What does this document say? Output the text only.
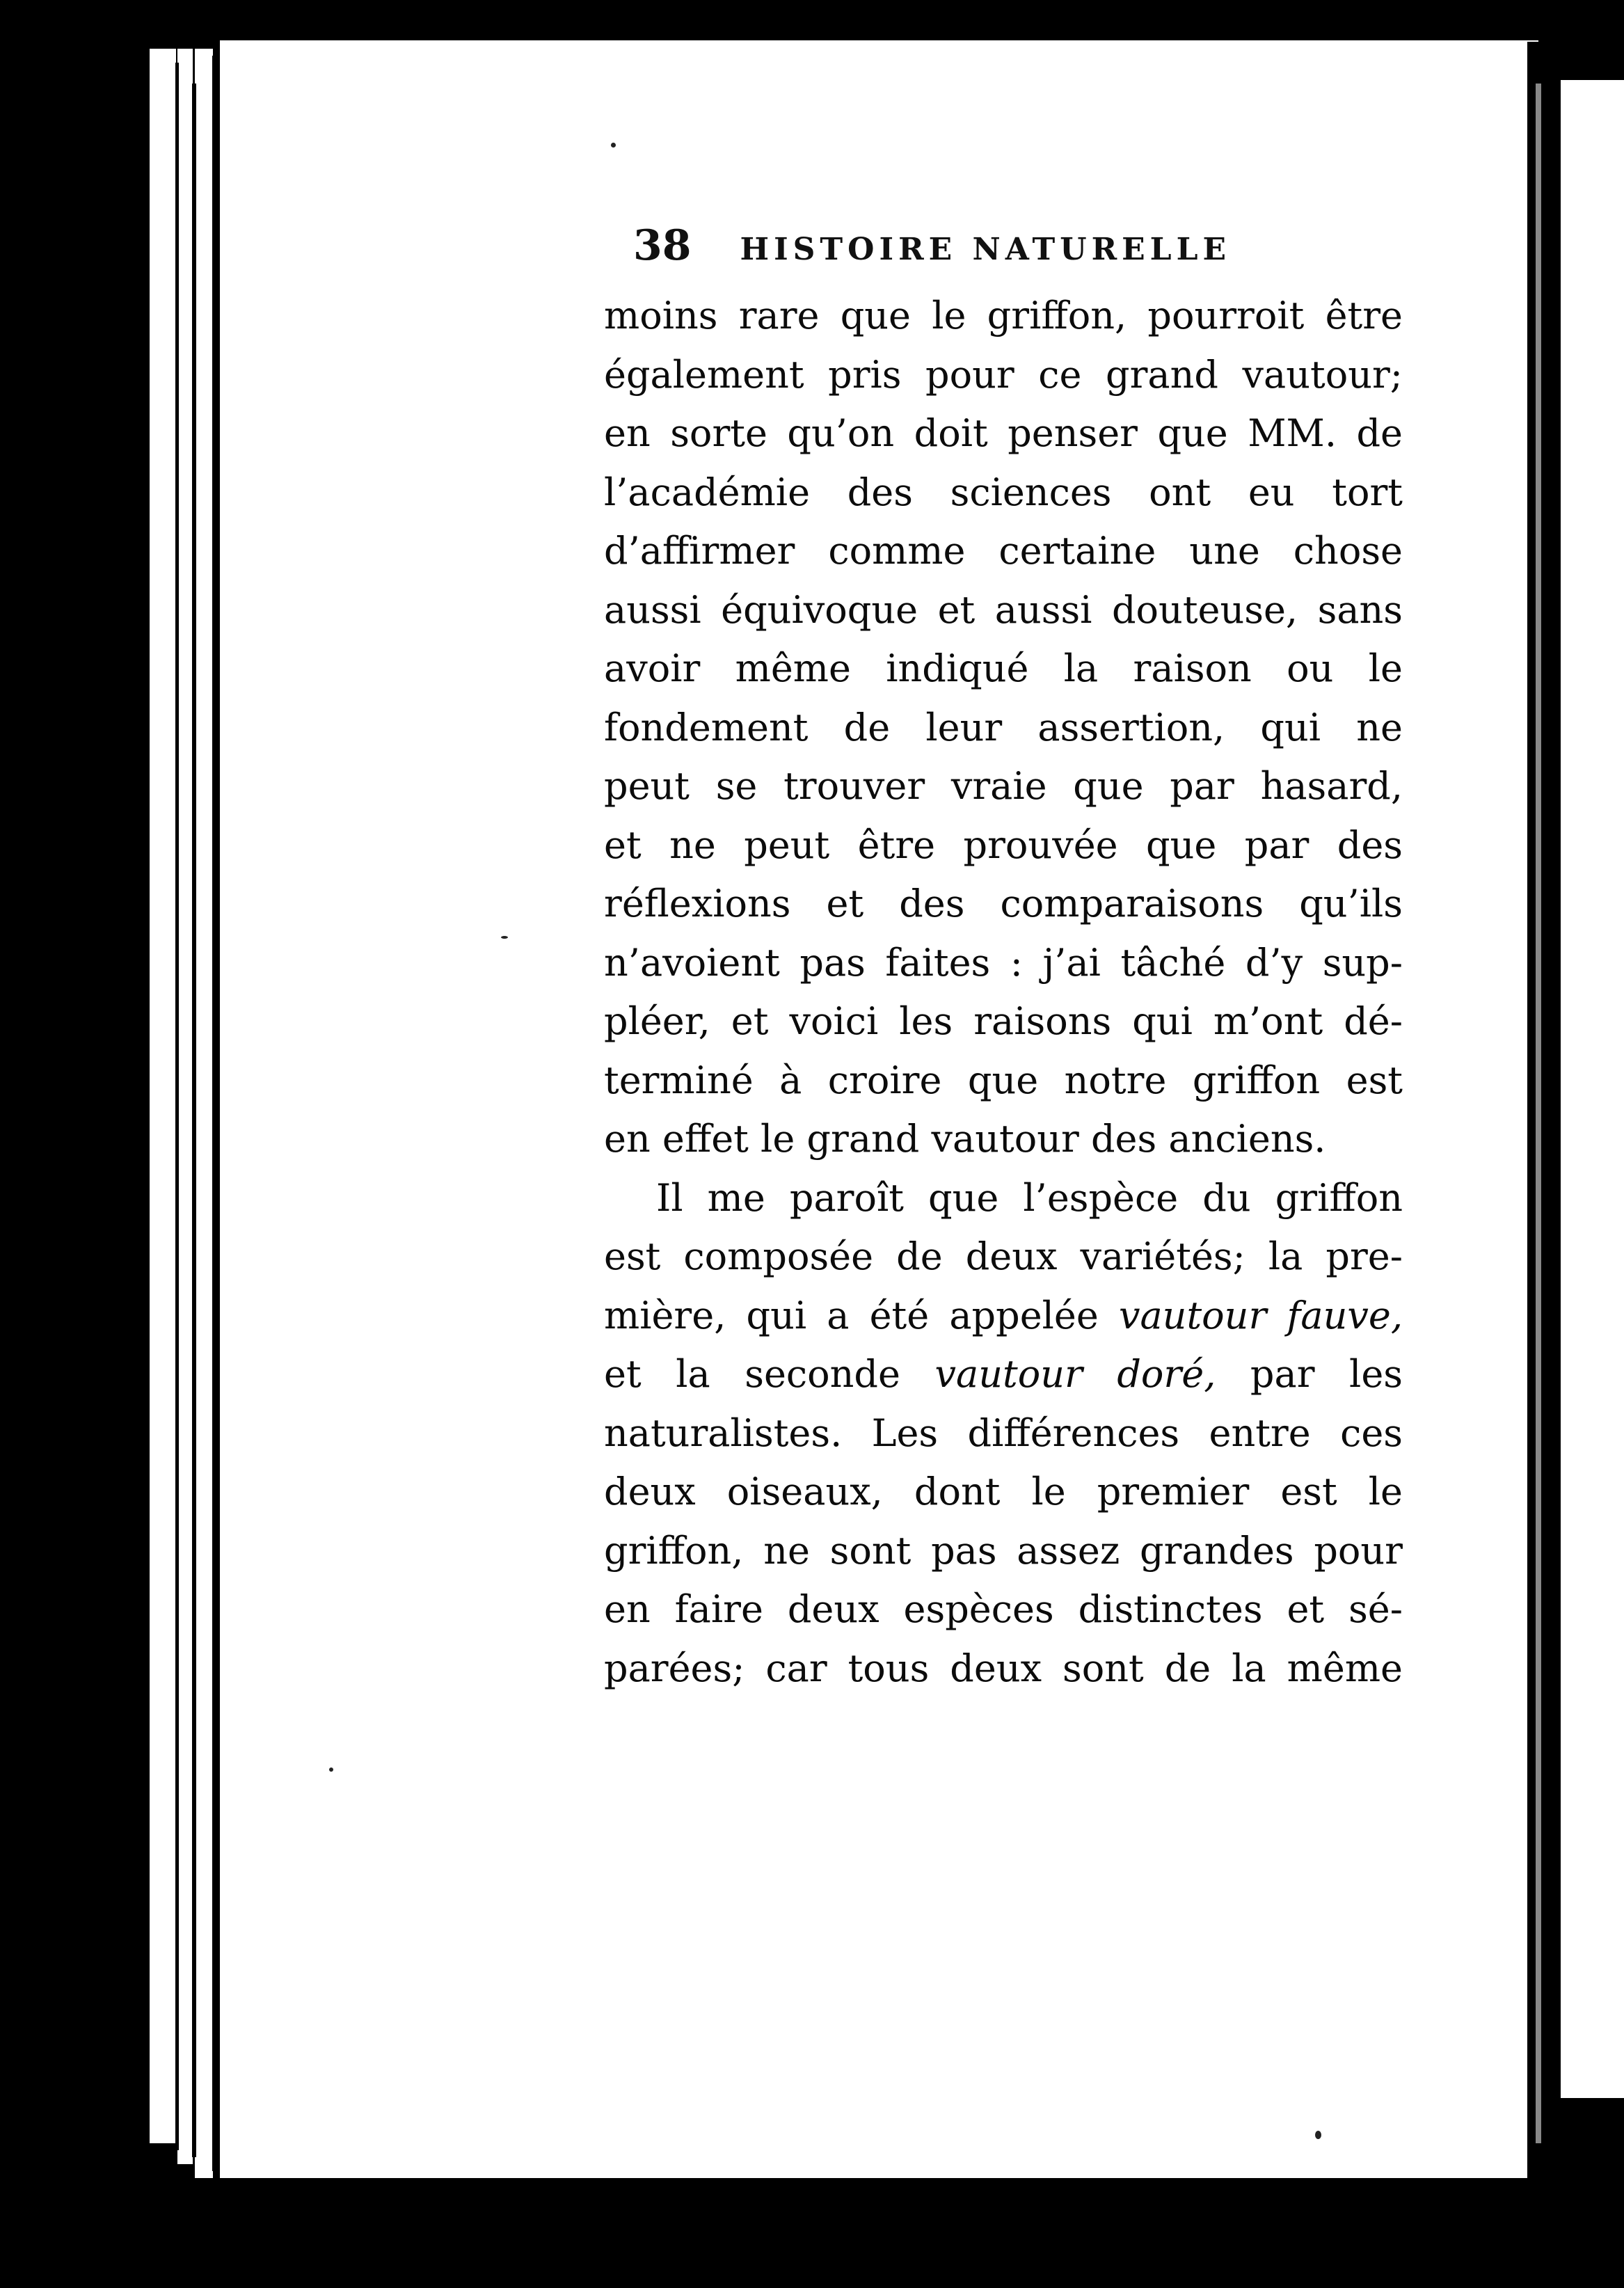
38 HISTOIRE NATURELLE
moins rare que le griffon, pourroit être
également pris pour ce grand vautour;
en sorte qu’on doit penser que MM. de
l’académie des sciences ont eu tort
d’affirmer comme certaine une chose
aussi équivoque et aussi douteuse, sans
avoir même indiqué la raison ou le
fondement de leur assertion, qui ne
peut se trouver vraie que par hasard,
et ne peut être prouvée que par des
réflexions et des comparaisons qu’ils
n’avoient pas faites : j’ai tâché d’y sup-
pléer, et voici les raisons qui m’ont dé-
terminé à croire que notre griffon est
en effet le grand vautour des anciens.
Il me paroît que l’espèce du griffon
est composée de deux variétés; la pre-
mière, qui a été appelée vautour fauve,
et la seconde vautour doré, par les
naturalistes. Les différences entre ces
deux oiseaux, dont le premier est le
griffon, ne sont pas assez grandes pour
en faire deux espèces distinctes et sé-
parées; car tous deux sont de la même
